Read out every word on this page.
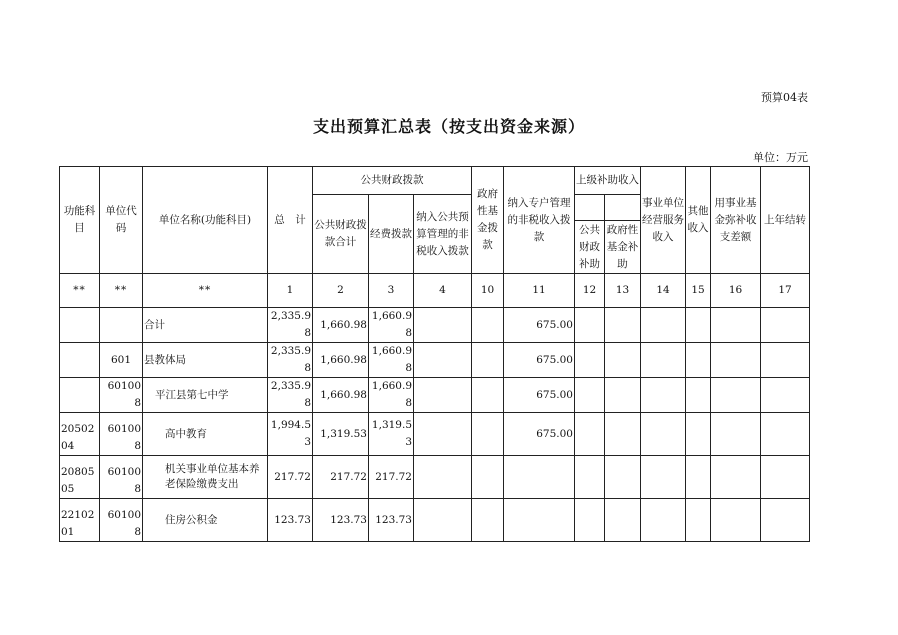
预算04表
支出预算汇总表（按支出资金来源）
单位：万元
功能科目	单位代码	单位名称(功能科目)	总　计	公共财政拨款			政府性基金拨款	纳入专户管理的非税收入拨款	上级补助收入		事业单位经营服务收入	其他收入	用事业基金弥补收支差额	上年结转
				公共财政拨款合计	经费拨款	纳入公共预算管理的非税收入拨款								
									公共财政补助	政府性基金补助				
**	**	**	1	2	3	4	10	11	12	13	14	15	16	17
		合计	2,335.98	1,660.98	1,660.98			675.00						
	601	县教体局	2,335.98	1,660.98	1,660.98			675.00						
	601008	平江县第七中学	2,335.98	1,660.98	1,660.98			675.00						
2050204	601008	高中教育	1,994.53	1,319.53	1,319.53			675.00						
2080505	601008	机关事业单位基本养老保险缴费支出	217.72	217.72	217.72									
2210201	601008	住房公积金	123.73	123.73	123.73									
